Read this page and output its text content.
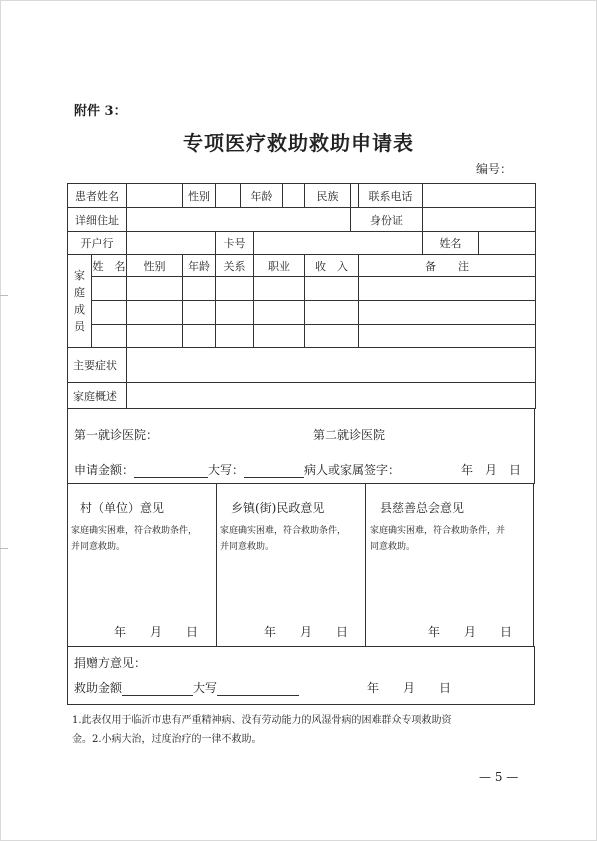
附件 3：
专项医疗救助救助申请表
编号：
患者姓名			性别		年龄			民族		联系电话		
详细住址									身份证			
开户行				卡号							姓名	

家庭成员	姓　名	性别	年龄	关系		职业		收　入		备　　注		

主要症状												
家庭概述												
第一就诊医院：	第二就诊医院
申请金额：	大写：	病人或家属签字：	年　月　日
村（单位）意见
家庭确实困难，符合救助条件，
并同意救助。
年　　月　　日
乡镇(街)民政意见
家庭确实困难，符合救助条件，
并同意救助。
年　　月　　日
县慈善总会意见
家庭确实困难，符合救助条件，并
同意救助。
年　　月　　日
捐赠方意见：
救助金额	大写	年　　月　　日
1.此表仅用于临沂市患有严重精神病、没有劳动能力的风湿骨病的困难群众专项救助资
金。2.小病大治，过度治疗的一律不救助。
— 5 —
